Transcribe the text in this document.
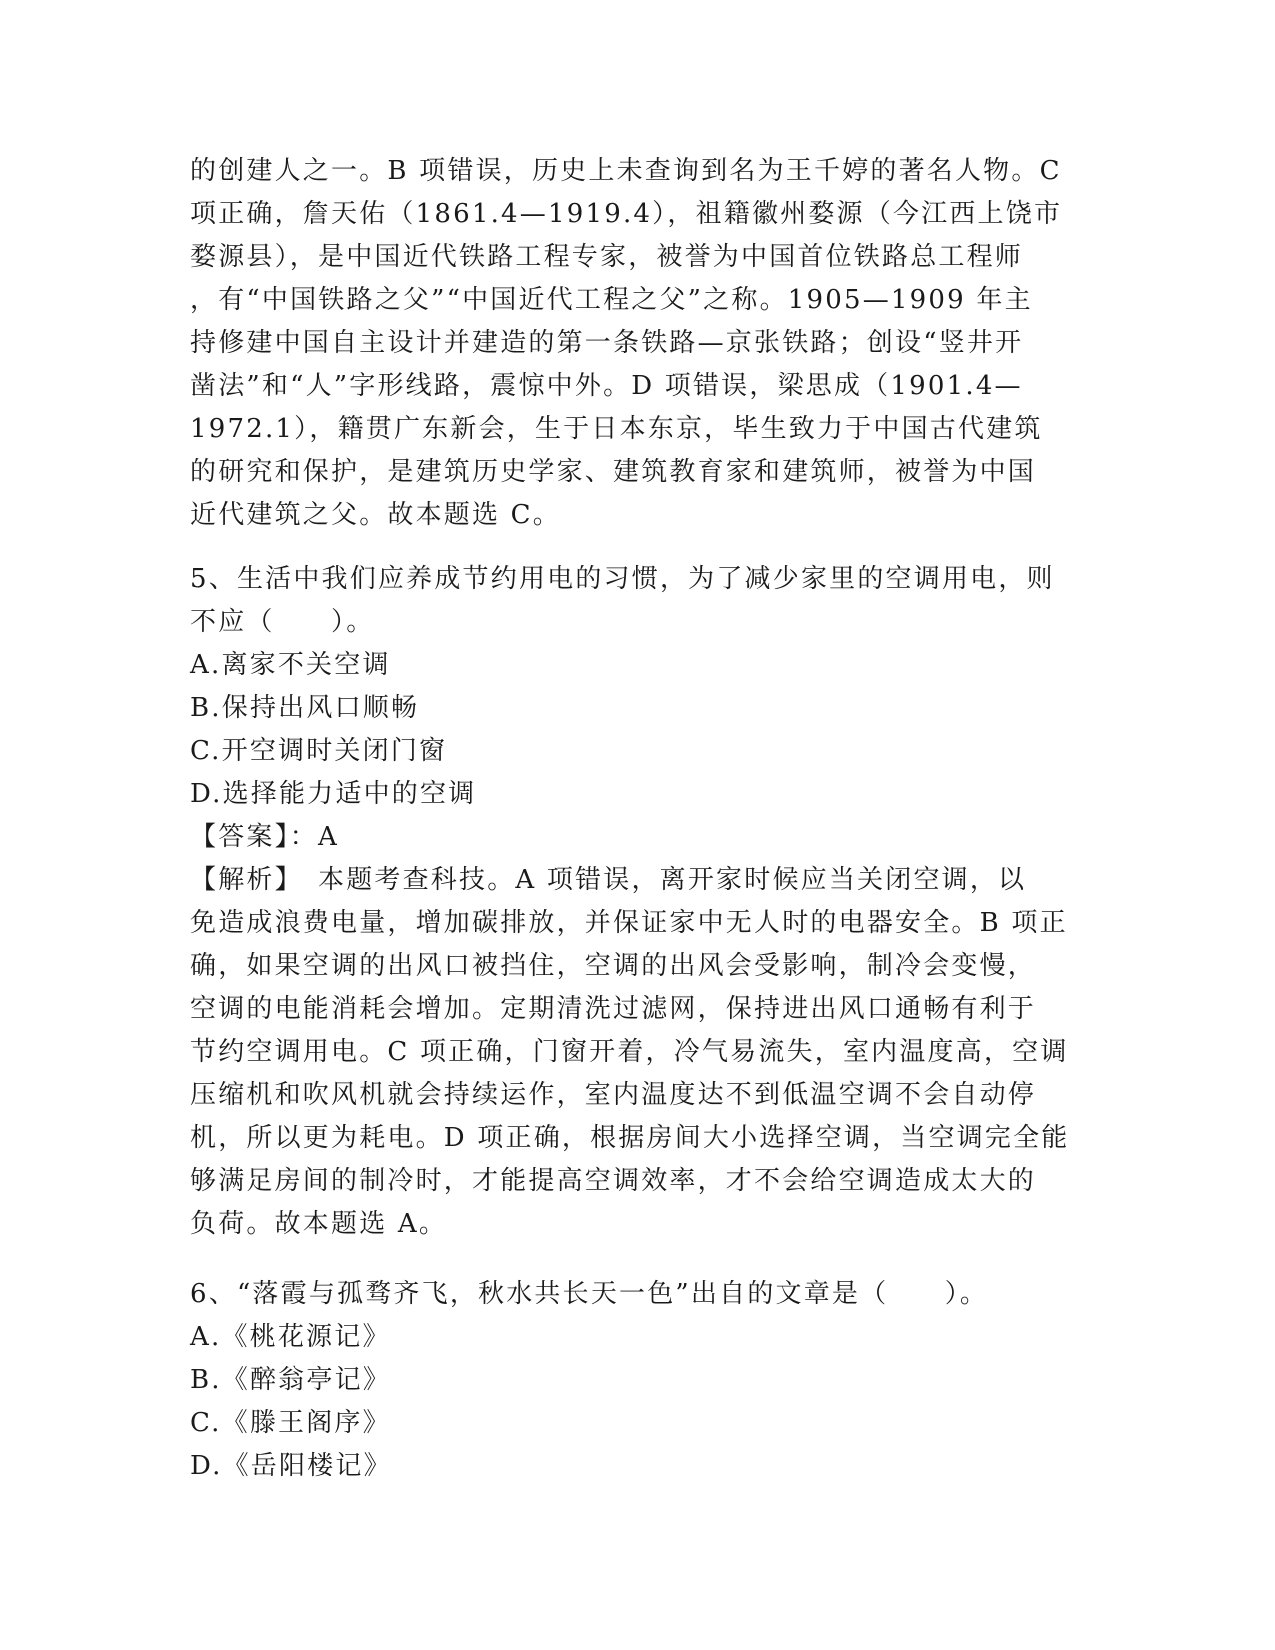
的创建人之一。B 项错误，历史上未查询到名为王千婷的著名人物。C
项正确，詹天佑（1861.4—1919.4），祖籍徽州婺源（今江西上饶市
婺源县），是中国近代铁路工程专家，被誉为中国首位铁路总工程师
，有“中国铁路之父”“中国近代工程之父”之称。1905—1909 年主
持修建中国自主设计并建造的第一条铁路—京张铁路；创设“竖井开
凿法”和“人”字形线路，震惊中外。D 项错误，梁思成（1901.4—
1972.1），籍贯广东新会，生于日本东京，毕生致力于中国古代建筑
的研究和保护，是建筑历史学家、建筑教育家和建筑师，被誉为中国
近代建筑之父。故本题选 C。
5、生活中我们应养成节约用电的习惯，为了减少家里的空调用电，则
不应（　　）。
A.离家不关空调
B.保持出风口顺畅
C.开空调时关闭门窗
D.选择能力适中的空调
【答案】：A
【解析】　本题考查科技。A 项错误，离开家时候应当关闭空调，以
免造成浪费电量，增加碳排放，并保证家中无人时的电器安全。B 项正
确，如果空调的出风口被挡住，空调的出风会受影响，制冷会变慢，
空调的电能消耗会增加。定期清洗过滤网，保持进出风口通畅有利于
节约空调用电。C 项正确，门窗开着，冷气易流失，室内温度高，空调
压缩机和吹风机就会持续运作，室内温度达不到低温空调不会自动停
机，所以更为耗电。D 项正确，根据房间大小选择空调，当空调完全能
够满足房间的制冷时，才能提高空调效率，才不会给空调造成太大的
负荷。故本题选 A。
6、“落霞与孤骛齐飞，秋水共长天一色”出自的文章是（　　）。
A.《桃花源记》
B.《醉翁亭记》
C.《滕王阁序》
D.《岳阳楼记》
